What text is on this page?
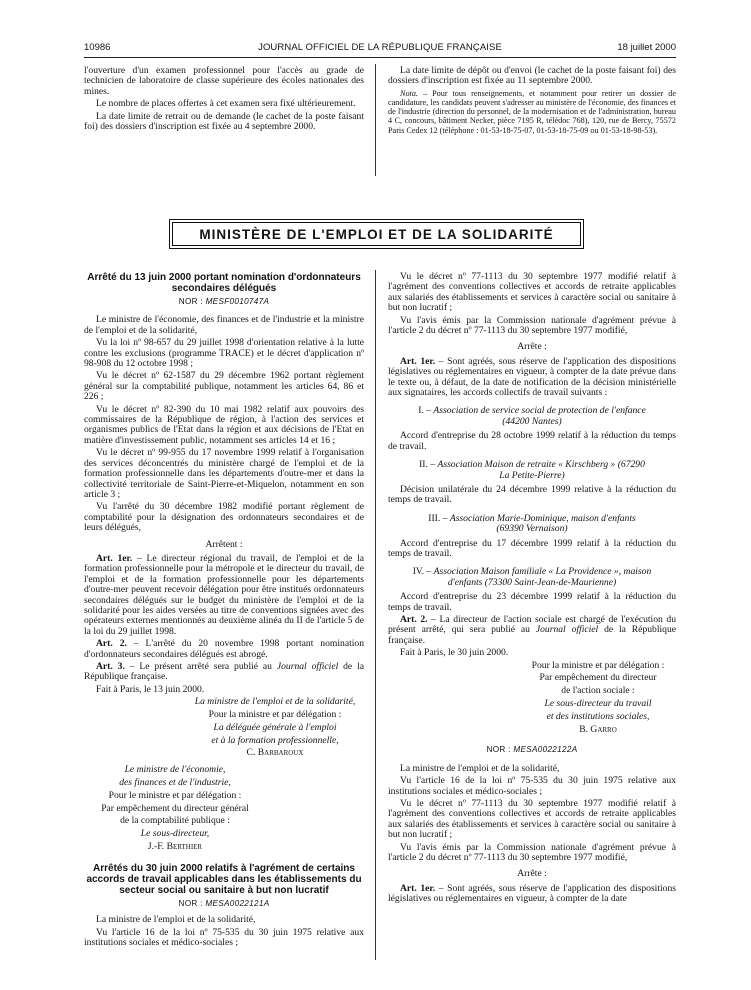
10986	JOURNAL OFFICIEL DE LA RÉPUBLIQUE FRANÇAISE	18 juillet 2000

l'ouverture d'un examen professionnel pour l'accès au grade de technicien de laboratoire de classe supérieure des écoles nationales des mines.

Le nombre de places offertes à cet examen sera fixé ultérieurement.

La date limite de retrait ou de demande (le cachet de la poste faisant foi) des dossiers d'inscription est fixée au 4 septembre 2000.

La date limite de dépôt ou d'envoi (le cachet de la poste faisant foi) des dossiers d'inscription est fixée au 11 septembre 2000.

Nota. – Pour tous renseignements, et notamment pour retirer un dossier de candidature, les candidats peuvent s'adresser au ministère de l'économie, des finances et de l'industrie (direction du personnel, de la modernisation et de l'administration, bureau 4 C, concours, bâtiment Necker, pièce 7195 R, télédoc 768), 120, rue de Bercy, 75572 Paris Cedex 12 (téléphone : 01-53-18-75-07, 01-53-18-75-09 ou 01-53-18-98-53).

MINISTÈRE DE L'EMPLOI ET DE LA SOLIDARITÉ
Arrêté du 13 juin 2000 portant nomination d'ordonnateurs secondaires délégués
NOR : MESF0010747A

Le ministre de l'économie, des finances et de l'industrie et la ministre de l'emploi et de la solidarité,

Vu la loi nº 98-657 du 29 juillet 1998 d'orientation relative à la lutte contre les exclusions (programme TRACE) et le décret d'application nº 98-908 du 12 octobre 1998 ;

Vu le décret nº 62-1587 du 29 décembre 1962 portant règlement général sur la comptabilité publique, notamment les articles 64, 86 et 226 ;

Vu le décret nº 82-390 du 10 mai 1982 relatif aux pouvoirs des commissaires de la République de région, à l'action des services et organismes publics de l'Etat dans la région et aux décisions de l'Etat en matière d'investissement public, notamment ses articles 14 et 16 ;

Vu le décret nº 99-955 du 17 novembre 1999 relatif à l'organisation des services déconcentrés du ministère chargé de l'emploi et de la formation professionnelle dans les départements d'outre-mer et dans la collectivité territoriale de Saint-Pierre-et-Miquelon, notamment en son article 3 ;

Vu l'arrêté du 30 décembre 1982 modifié portant règlement de comptabilité pour la désignation des ordonnateurs secondaires et de leurs délégués,

Arrêtent :

Art. 1er. – Le directeur régional du travail, de l'emploi et de la formation professionnelle pour la métropole et le directeur du travail, de l'emploi et de la formation professionnelle pour les départements d'outre-mer peuvent recevoir délégation pour être institués ordonnateurs secondaires délégués sur le budget du ministère de l'emploi et de la solidarité pour les aides versées au titre de conventions signées avec des opérateurs externes mentionnés au deuxième alinéa du II de l'article 5 de la loi du 29 juillet 1998.

Art. 2. – L'arrêté du 20 novembre 1998 portant nomination d'ordonnateurs secondaires délégués est abrogé.

Art. 3. – Le présent arrêté sera publié au Journal officiel de la République française.

Fait à Paris, le 13 juin 2000.

La ministre de l'emploi et de la solidarité,

Pour la ministre et par délégation :

La déléguée générale à l'emploi

et à la formation professionnelle,

C. Barbaroux

Le ministre de l'économie,

des finances et de l'industrie,

Pour le ministre et par délégation :

Par empêchement du directeur général

de la comptabilité publique :

Le sous-directeur,

J.-F. Berthier

Arrêtés du 30 juin 2000 relatifs à l'agrément de certains accords de travail applicables dans les établissements du secteur social ou sanitaire à but non lucratif
NOR : MESA0022121A

La ministre de l'emploi et de la solidarité,

Vu l'article 16 de la loi nº 75-535 du 30 juin 1975 relative aux institutions sociales et médico-sociales ;

Vu le décret nº 77-1113 du 30 septembre 1977 modifié relatif à l'agrément des conventions collectives et accords de retraite applicables aux salariés des établissements et services à caractère social ou sanitaire à but non lucratif ;

Vu l'avis émis par la Commission nationale d'agrément prévue à l'article 2 du décret nº 77-1113 du 30 septembre 1977 modifié,

Arrête :

Art. 1er. – Sont agréés, sous réserve de l'application des dispositions législatives ou réglementaires en vigueur, à compter de la date prévue dans le texte ou, à défaut, de la date de notification de la décision ministérielle aux signataires, les accords collectifs de travail suivants :

I. – Association de service social de protection de l'enfance (44200 Nantes)

Accord d'entreprise du 28 octobre 1999 relatif à la réduction du temps de travail.

II. – Association Maison de retraite « Kirschberg » (67290 La Petite-Pierre)

Décision unilatérale du 24 décembre 1999 relative à la réduction du temps de travail.

III. – Association Marie-Dominique, maison d'enfants (69390 Vernaison)

Accord d'entreprise du 17 décembre 1999 relatif à la réduction du temps de travail.

IV. – Association Maison familiale « La Providence », maison d'enfants (73300 Saint-Jean-de-Maurienne)

Accord d'entreprise du 23 décembre 1999 relatif à la réduction du temps de travail.

Art. 2. – La directeur de l'action sociale est chargé de l'exécution du présent arrêté, qui sera publié au Journal officiel de la République française.

Fait à Paris, le 30 juin 2000.

Pour la ministre et par délégation :

Par empêchement du directeur

de l'action sociale :

Le sous-directeur du travail

et des institutions sociales,

B. Garro

NOR : MESA0022122A

La ministre de l'emploi et de la solidarité,

Vu l'article 16 de la loi nº 75-535 du 30 juin 1975 relative aux institutions sociales et médico-sociales ;

Vu le décret nº 77-1113 du 30 septembre 1977 modifié relatif à l'agrément des conventions collectives et accords de retraite applicables aux salariés des établissements et services à caractère social ou sanitaire à but non lucratif ;

Vu l'avis émis par la Commission nationale d'agrément prévue à l'article 2 du décret nº 77-1113 du 30 septembre 1977 modifié,

Arrête :

Art. 1er. – Sont agréés, sous réserve de l'application des dispositions législatives ou réglementaires en vigueur, à compter de la date
